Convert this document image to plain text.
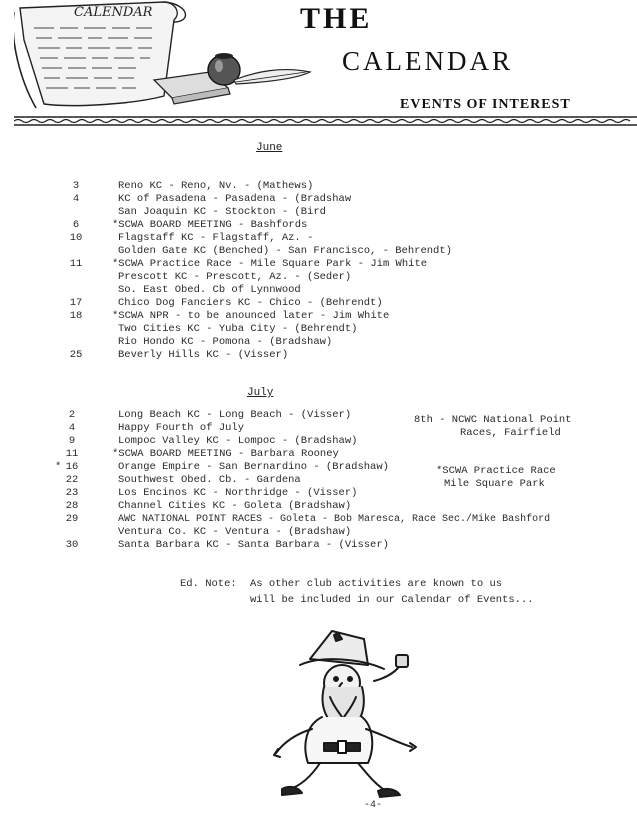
CALENDAR	THE
CALENDAR
EVENTS OF INTEREST
June
3	Reno KC - Reno, Nv. - (Mathews)
4	KC of Pasadena - Pasadena - (Bradshaw
San Joaquin KC - Stockton - (Bird
6	*SCWA BOARD MEETING - Bashfords
10	Flagstaff KC - Flagstaff, Az. -
Golden Gate KC (Benched) - San Francisco, - Behrendt)
11	*SCWA Practice Race - Mile Square Park - Jim White
Prescott KC - Prescott, Az. - (Seder)
So. East Obed. Cb of Lynnwood
17	Chico Dog Fanciers KC - Chico - (Behrendt)
18	*SCWA NPR - to be anounced later - Jim White
Two Cities KC - Yuba City - (Behrendt)
Rio Hondo KC - Pomona - (Bradshaw)
25	Beverly Hills KC - (Visser)
July
2	Long Beach KC - Long Beach - (Visser)
4	Happy Fourth of July
9	Lompoc Valley KC - Lompoc - (Bradshaw)
11	*SCWA BOARD MEETING - Barbara Rooney
* 16	Orange Empire - San Bernardino - (Bradshaw)
22	Southwest Obed. Cb. - Gardena
23	Los Encinos KC - Northridge - (Visser)
28	Channel Cities KC - Goleta (Bradshaw)
29	AWC NATIONAL POINT RACES - Goleta - Bob Maresca, Race Sec./Mike Bashford
Ventura Co. KC - Ventura - (Bradshaw)
30	Santa Barbara KC - Santa Barbara - (Visser)
8th - NCWC National Point
Races, Fairfield
*SCWA Practice Race
Mile Square Park
Ed. Note: As other club activities are known to us
will be included in our Calendar of Events...
-4-
